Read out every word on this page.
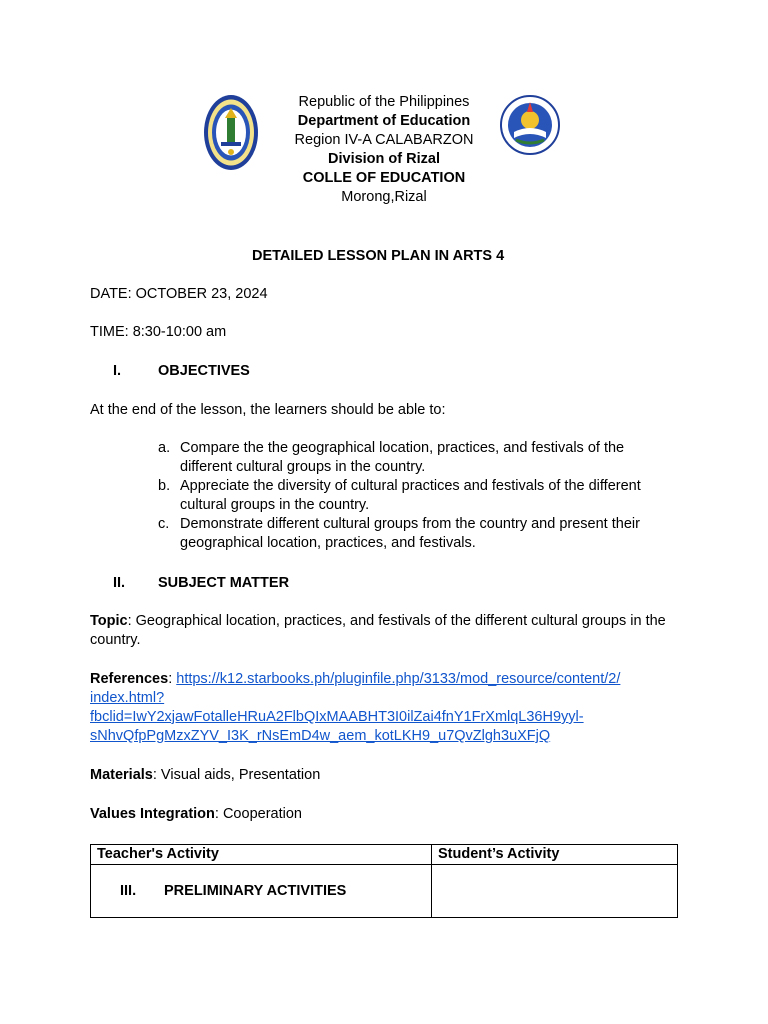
Republic of the Philippines
Department of Education
Region IV-A CALABARZON
Division of Rizal
COLLE OF EDUCATION
Morong,Rizal
DETAILED LESSON PLAN IN ARTS 4
DATE: OCTOBER 23, 2024
TIME: 8:30-10:00 am
I.	OBJECTIVES
At the end of the lesson, the learners should be able to:
a. Compare the the geographical location, practices, and festivals of the different cultural groups in the country.
b. Appreciate the diversity of cultural practices and festivals of the different cultural groups in the country.
c. Demonstrate different cultural groups from the country and present their geographical location, practices, and festivals.
II. SUBJECT MATTER
Topic: Geographical location, practices, and festivals of the different cultural groups in the country.
References: https://k12.starbooks.ph/pluginfile.php/3133/mod_resource/content/2/
index.html?
fbclid=IwY2xjawFotalleHRuA2FlbQIxMAABHT3I0ilZai4fnY1FrXmlqL36H9yyl-
sNhvQfpPgMzxZYV_I3K_rNsEmD4w_aem_kotLKH9_u7QvZlgh3uXFjQ
Materials: Visual aids, Presentation
Values Integration: Cooperation
Teacher's Activity	Student’s Activity
III. PRELIMINARY ACTIVITIES	
